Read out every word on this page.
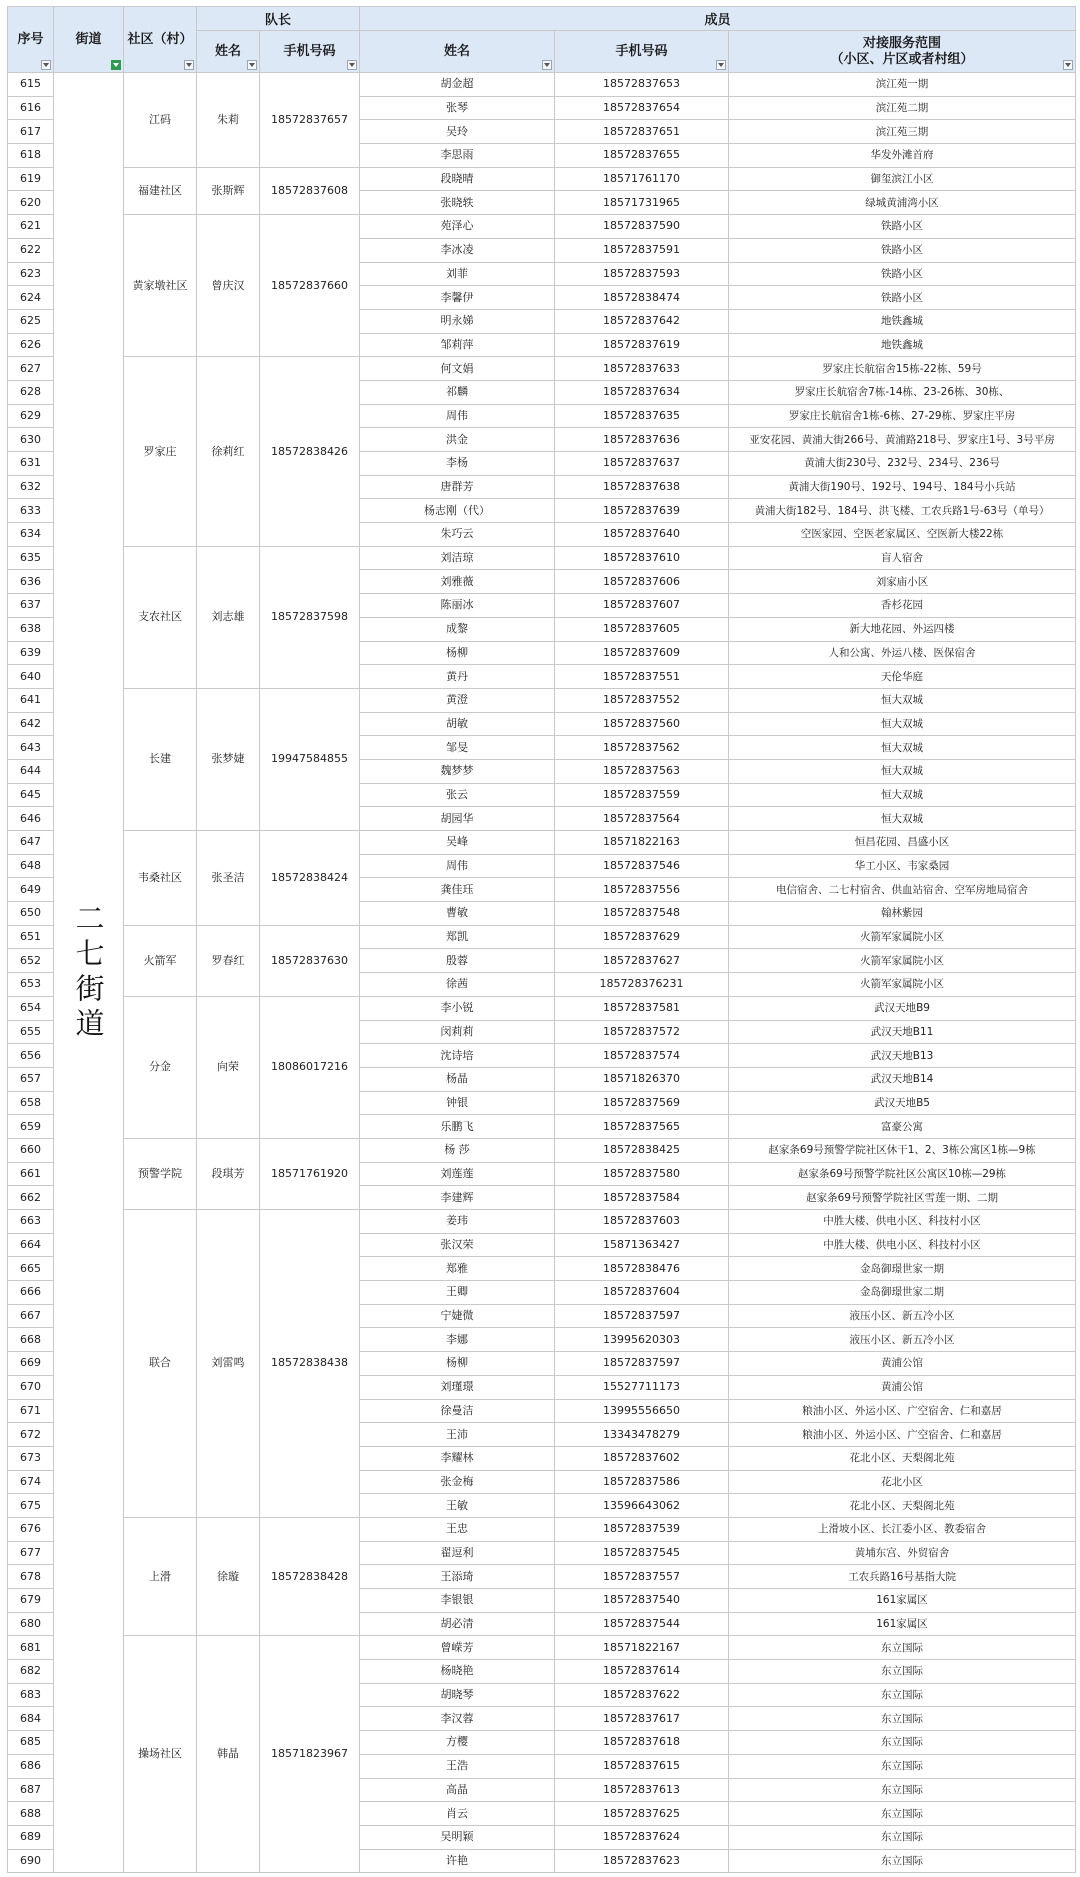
序号	街道	社区（村）	队长		成员		

			姓名	手机号码	姓名	手机号码	对接服务范围
（小区、片区或者村组）

615	二七街道	江码	朱莉	18572837657	胡金超	18572837653	滨江苑一期
616					张琴	18572837654	滨江苑二期
617					吴玲	18572837651	滨江苑三期
618					李思雨	18572837655	华发外滩首府
619		福建社区	张斯辉	18572837608	段晓晴	18571761170	御玺滨江小区
620					张晓轶	18571731965	绿城黄浦湾小区
621		黄家墩社区	曾庆汉	18572837660	苑泽心	18572837590	铁路小区
622					李冰凌	18572837591	铁路小区
623					刘菲	18572837593	铁路小区
624					李馨伊	18572838474	铁路小区
625					明永娣	18572837642	地铁鑫城
626					邹莉萍	18572837619	地铁鑫城
627		罗家庄	徐莉红	18572838426	何文娟	18572837633	罗家庄长航宿舍15栋-22栋、59号
628					祁麟	18572837634	罗家庄长航宿舍7栋-14栋、23-26栋、30栋、
629					周伟	18572837635	罗家庄长航宿舍1栋-6栋、27-29栋、罗家庄平房
630					洪金	18572837636	亚安花园、黄浦大街266号、黄浦路218号、罗家庄1号、3号平房
631					李杨	18572837637	黄浦大街230号、232号、234号、236号
632					唐群芳	18572837638	黄浦大街190号、192号、194号、184号小兵站
633					杨志刚（代）	18572837639	黄浦大街182号、184号、洪飞楼、工农兵路1号-63号（单号）
634					朱巧云	18572837640	空医家园、空医老家属区、空医新大楼22栋
635		支农社区	刘志雄	18572837598	刘洁琼	18572837610	盲人宿舍
636					刘雅薇	18572837606	刘家庙小区
637					陈丽冰	18572837607	香杉花园
638					成黎	18572837605	新大地花园、外运四楼
639					杨柳	18572837609	人和公寓、外运八楼、医保宿舍
640					黄丹	18572837551	天伦华庭
641		长建	张梦婕	19947584855	黄澄	18572837552	恒大双城
642					胡敏	18572837560	恒大双城
643					邹旻	18572837562	恒大双城
644					魏梦梦	18572837563	恒大双城
645					张云	18572837559	恒大双城
646					胡园华	18572837564	恒大双城
647		韦桑社区	张圣洁	18572838424	吴峰	18571822163	恒昌花园、昌盛小区
648					周伟	18572837546	华工小区、韦家桑园
649					龚佳珏	18572837556	电信宿舍、二七村宿舍、供血站宿舍、空军房地局宿舍
650					曹敏	18572837548	翰林紫园
651		火箭军	罗春红	18572837630	郑凯	18572837629	火箭军家属院小区
652					殷蓉	18572837627	火箭军家属院小区
653					徐茜	185728376231	火箭军家属院小区
654		分金	向荣	18086017216	李小锐	18572837581	武汉天地B9
655					闵莉莉	18572837572	武汉天地B11
656					沈诗培	18572837574	武汉天地B13
657					杨晶	18571826370	武汉天地B14
658					钟银	18572837569	武汉天地B5
659					乐鹏飞	18572837565	富豪公寓
660		预警学院	段琪芳	18571761920	杨 莎	18572838425	赵家条69号预警学院社区休干1、2、3栋公寓区1栋—9栋
661					刘莲莲	18572837580	赵家条69号预警学院社区公寓区10栋—29栋
662					李建辉	18572837584	赵家条69号预警学院社区雪莲一期、二期
663		联合	刘雷鸣	18572838438	姜玮	18572837603	中胜大楼、供电小区、科技村小区
664					张汉荣	15871363427	中胜大楼、供电小区、科技村小区
665					郑雅	18572838476	金岛御璟世家一期
666					王卿	18572837604	金岛御璟世家二期
667					宁婕微	18572837597	液压小区、新五冷小区
668					李娜	13995620303	液压小区、新五冷小区
669					杨柳	18572837597	黄浦公馆
670					刘瑾璟	15527711173	黄浦公馆
671					徐曼洁	13995556650	粮油小区、外运小区、广空宿舍、仁和嘉居
672					王沛	13343478279	粮油小区、外运小区、广空宿舍、仁和嘉居
673					李耀林	18572837602	花北小区、天梨阁北苑
674					张金梅	18572837586	花北小区
675					王敏	13596643062	花北小区、天梨阁北苑
676		上滑	徐璇	18572838428	王忠	18572837539	上滑坡小区、长江委小区、教委宿舍
677					翟逗利	18572837545	黄埔东宫、外贸宿舍
678					王添琦	18572837557	工农兵路16号基指大院
679					李银银	18572837540	161家属区
680					胡必清	18572837544	161家属区
681		操场社区	韩晶	18571823967	曾嵘芳	18571822167	东立国际
682					杨晓艳	18572837614	东立国际
683					胡晓琴	18572837622	东立国际
684					李汉蓉	18572837617	东立国际
685					方樱	18572837618	东立国际
686					王浩	18572837615	东立国际
687					高晶	18572837613	东立国际
688					肖云	18572837625	东立国际
689					吴明颖	18572837624	东立国际
690					许艳	18572837623	东立国际
